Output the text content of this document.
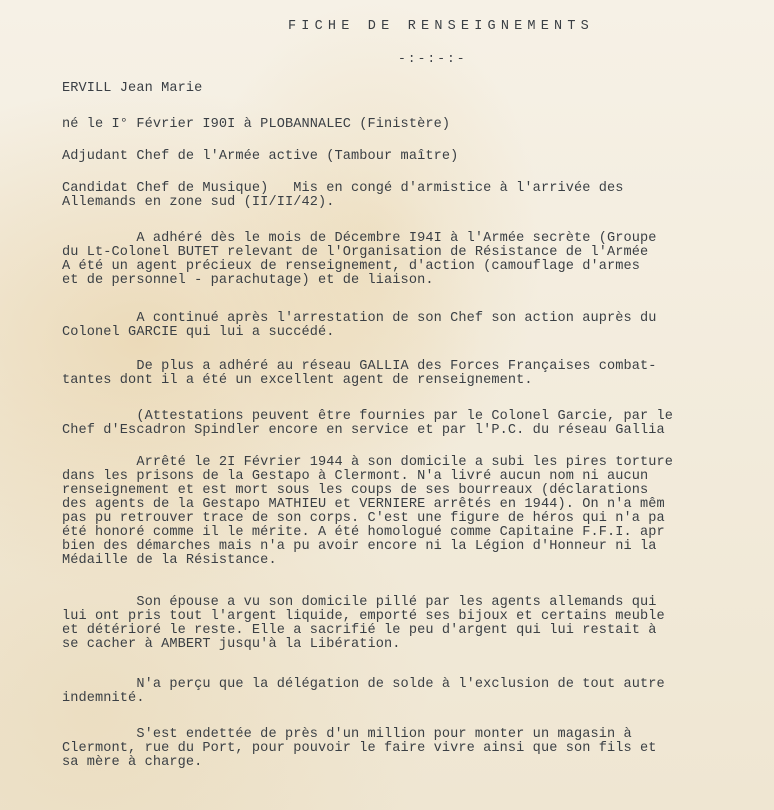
FICHE DE RENSEIGNEMENTS

-:-:-:-

ERVILL Jean Marie

né le I° Février I90I à PLOBANNALEC (Finistère)

Adjudant Chef de l'Armée active (Tambour maître)

Candidat Chef de Musique)   Mis en congé d'armistice à l'arrivée des

Allemands en zone sud (II/II/42).

A adhéré dès le mois de Décembre I94I à l'Armée secrète (Groupe

du Lt-Colonel BUTET relevant de l'Organisation de Résistance de l'Armée

A été un agent précieux de renseignement, d'action (camouflage d'armes

et de personnel - parachutage) et de liaison.

A continué après l'arrestation de son Chef son action auprès du

Colonel GARCIE qui lui a succédé.

De plus a adhéré au réseau GALLIA des Forces Françaises combat-

tantes dont il a été un excellent agent de renseignement.

(Attestations peuvent être fournies par le Colonel Garcie, par le

Chef d'Escadron Spindler encore en service et par l'P.C. du réseau Gallia

Arrêté le 2I Février 1944 à son domicile a subi les pires torture

dans les prisons de la Gestapo à Clermont. N'a livré aucun nom ni aucun

renseignement et est mort sous les coups de ses bourreaux (déclarations

des agents de la Gestapo MATHIEU et VERNIERE arrêtés en 1944). On n'a mêm

pas pu retrouver trace de son corps. C'est une figure de héros qui n'a pa

été honoré comme il le mérite. A été homologué comme Capitaine F.F.I. apr

bien des démarches mais n'a pu avoir encore ni la Légion d'Honneur ni la

Médaille de la Résistance.

Son épouse a vu son domicile pillé par les agents allemands qui

lui ont pris tout l'argent liquide, emporté ses bijoux et certains meuble

et détérioré le reste. Elle a sacrifié le peu d'argent qui lui restait à

se cacher à AMBERT jusqu'à la Libération.

N'a perçu que la délégation de solde à l'exclusion de tout autre

indemnité.

S'est endettée de près d'un million pour monter un magasin à

Clermont, rue du Port, pour pouvoir le faire vivre ainsi que son fils et

sa mère à charge.
